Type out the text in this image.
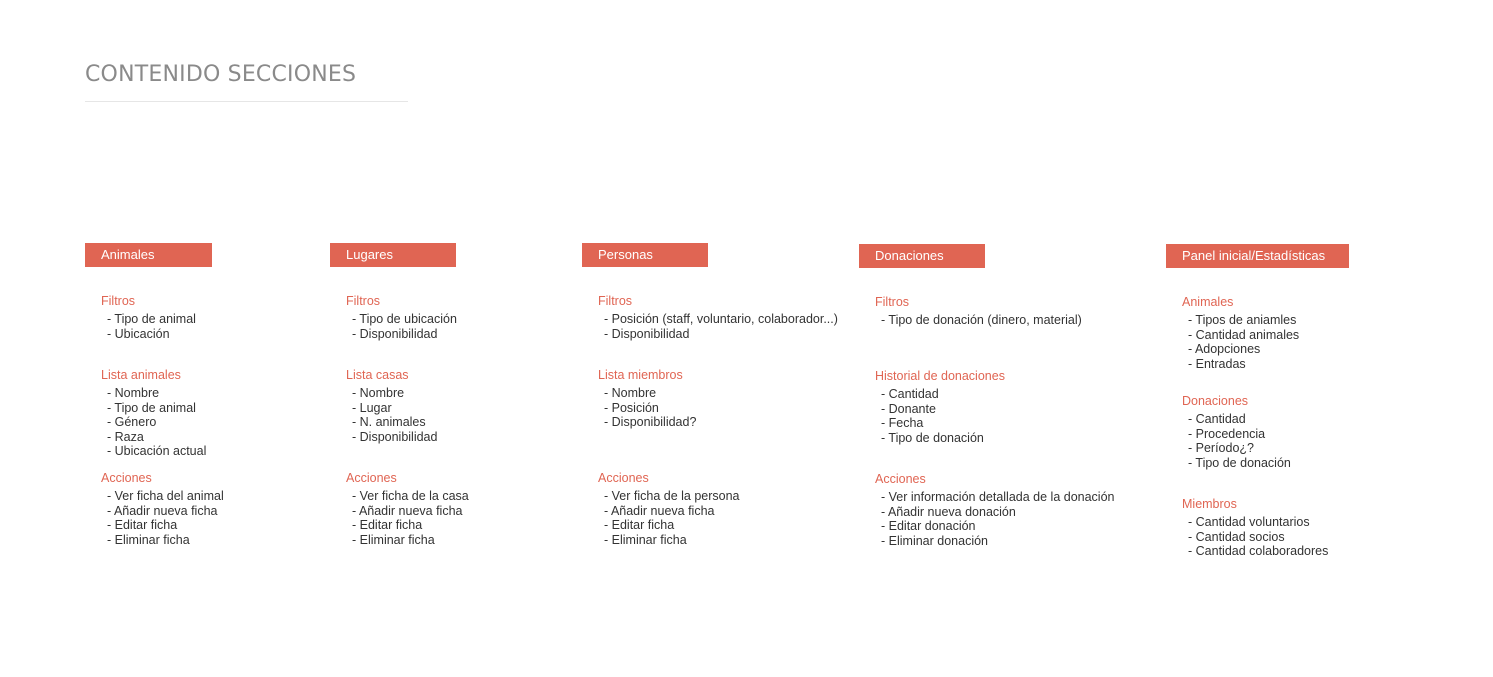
CONTENIDO SECCIONES
Animales
Filtros
- Tipo de animal
- Ubicación
Lista animales
- Nombre
- Tipo de animal
- Género
- Raza
- Ubicación actual
Acciones
- Ver ficha del animal
- Añadir nueva ficha
- Editar ficha
- Eliminar ficha
Lugares
Filtros
- Tipo de ubicación
- Disponibilidad
Lista casas
- Nombre
- Lugar
- N. animales
- Disponibilidad
Acciones
- Ver ficha de la casa
- Añadir nueva ficha
- Editar ficha
- Eliminar ficha
Personas
Filtros
- Posición (staff, voluntario, colaborador...)
- Disponibilidad
Lista miembros
- Nombre
- Posición
- Disponibilidad?
Acciones
- Ver ficha de la persona
- Añadir nueva ficha
- Editar ficha
- Eliminar ficha
Donaciones
Filtros
- Tipo de donación (dinero, material)
Historial de donaciones
- Cantidad
- Donante
- Fecha
- Tipo de donación
Acciones
- Ver información detallada de la donación
- Añadir nueva donación
- Editar donación
- Eliminar donación
Panel inicial/Estadísticas
Animales
- Tipos de aniamles
- Cantidad animales
- Adopciones
- Entradas
Donaciones
- Cantidad
- Procedencia
- Período¿?
- Tipo de donación
Miembros
- Cantidad voluntarios
- Cantidad socios
- Cantidad colaboradores
